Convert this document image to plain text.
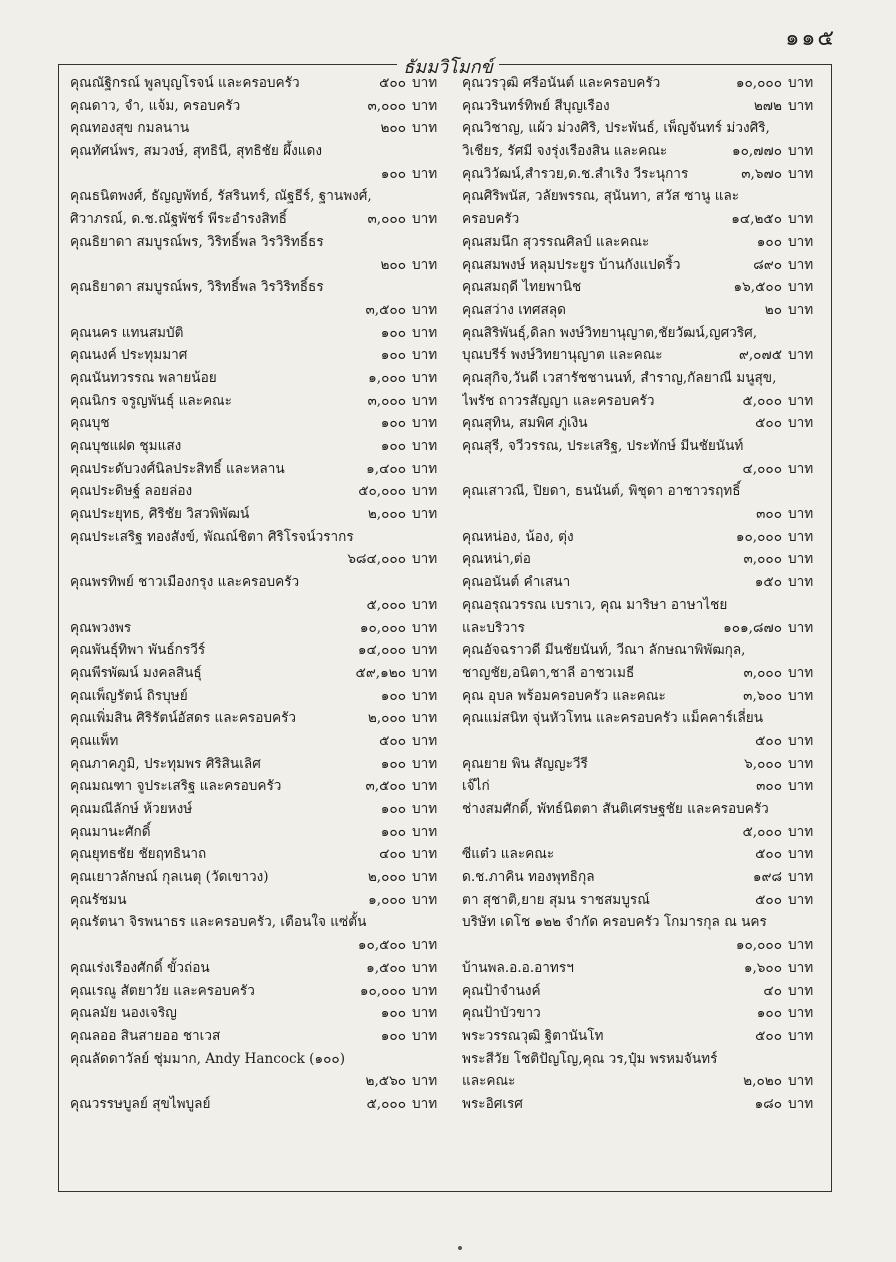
๑๑๕
ธัมมวิโมกข์
คุณณัฐิกรณ์ พูลบุญโรจน์ และครอบครัว	๕๐๐ บาท
คุณดาว, จำ, แจ้ม, ครอบครัว	๓,๐๐๐ บาท
คุณทองสุข กมลนาน	๒๐๐ บาท
คุณทัศน์พร, สมวงษ์, สุทธินี, สุทธิชัย ผึ้งแดง
๑๐๐ บาท
คุณธนิตพงศ์, ธัญญพัทธ์, รัสรินทร์, ณัฐธีร์, ฐานพงศ์,
ศิวาภรณ์, ด.ช.ณัฐพัชร์ พีระอำรงสิทธิ์	๓,๐๐๐ บาท
คุณธิยาดา สมบูรณ์พร, วิริทธิ์พล วิรวิริทธิ์ธร
๒๐๐ บาท
คุณธิยาดา สมบูรณ์พร, วิริทธิ์พล วิรวิริทธิ์ธร
๓,๕๐๐ บาท
คุณนคร แทนสมบัติ	๑๐๐ บาท
คุณนงค์ ประทุมมาศ	๑๐๐ บาท
คุณนันทวรรณ พลายน้อย	๑,๐๐๐ บาท
คุณนิกร จรูญพันธุ์ และคณะ	๓,๐๐๐ บาท
คุณบุช	๑๐๐ บาท
คุณบุชแฝด ชุมแสง	๑๐๐ บาท
คุณประดับวงศ์นิลประสิทธิ์ และหลาน	๑,๔๐๐ บาท
คุณประดิษฐ์ ลอยล่อง	๕๐,๐๐๐ บาท
คุณประยุทธ, ศิริชัย วิสวพิพัฒน์	๒,๐๐๐ บาท
คุณประเสริฐ ทองสังข์, พัณณ์ชิตา ศิริโรจน์วรากร
๖๘๔,๐๐๐ บาท
คุณพรทิพย์ ชาวเมืองกรุง และครอบครัว
๕,๐๐๐ บาท
คุณพวงพร	๑๐,๐๐๐ บาท
คุณพันธุ์ทิพา พันธ์กรวีร์	๑๔,๐๐๐ บาท
คุณพีรพัฒน์ มงคลสินธุ์	๕๙,๑๒๐ บาท
คุณเพ็ญรัตน์ ถิรบุษย์	๑๐๐ บาท
คุณเพิ่มสิน ศิริรัตน์อัสดร และครอบครัว	๒,๐๐๐ บาท
คุณแพ็ท	๕๐๐ บาท
คุณภาคภูมิ, ประทุมพร ศิริสินเลิศ	๑๐๐ บาท
คุณมณฑา จูประเสริฐ และครอบครัว	๓,๕๐๐ บาท
คุณมณีลักษ์ ห้วยหงษ์	๑๐๐ บาท
คุณมานะศักดิ์	๑๐๐ บาท
คุณยุทธชัย ชัยฤทธินาถ	๔๐๐ บาท
คุณเยาวลักษณ์ กุลเนตุ (วัดเขาวง)	๒,๐๐๐ บาท
คุณรัชมน	๑,๐๐๐ บาท
คุณรัตนา จิรพนาธร และครอบครัว, เตือนใจ แซ่ตั้น
๑๐,๕๐๐ บาท
คุณเร่งเรืองศักดิ์ ขั้วถ่อน	๑,๕๐๐ บาท
คุณเรณู สัตยาวัย และครอบครัว	๑๐,๐๐๐ บาท
คุณลมัย นองเจริญ	๑๐๐ บาท
คุณลออ สินสายออ ชาเวส	๑๐๐ บาท
คุณลัดดาวัลย์ ชุ่มมาก, Andy Hancock (๑๐๐)
๒,๕๖๐ บาท
คุณวรรษบูลย์ สุขไพบูลย์	๕,๐๐๐ บาท
คุณวรวุฒิ ศรีอนันต์ และครอบครัว	๑๐,๐๐๐ บาท
คุณวรินทร์ทิพย์ สีบุญเรือง	๒๗๒ บาท
คุณวิชาญ, แผ้ว ม่วงศิริ, ประพันธ์, เพ็ญจันทร์ ม่วงศิริ,
วิเชียร, รัศมี จงรุ่งเรืองสิน และคณะ	๑๐,๗๗๐ บาท
คุณวิวัฒน์,สำรวย,ด.ช.สำเริง วีระนุการ	๓,๖๗๐ บาท
คุณศิริพนัส, วลัยพรรณ, สุนันทา, สวัส ซานู และ
ครอบครัว	๑๔,๒๕๐ บาท
คุณสมนึก สุวรรณศิลป์ และคณะ	๑๐๐ บาท
คุณสมพงษ์ หลุมประยูร บ้านกังแปดริ้ว	๘๙๐ บาท
คุณสมฤดี ไทยพานิช	๑๖,๕๐๐ บาท
คุณสว่าง เทศสลุด	๒๐ บาท
คุณสิริพันธุ์,ดิลก พงษ์วิทยานุญาต,ชัยวัฒน์,ญศวริศ,
บุณบรีร์ พงษ์วิทยานุญาต และคณะ	๙,๐๗๕ บาท
คุณสุกิจ,วันดี เวสารัชชานนท์, สำราญ,กัลยาณี มนูสุข,
ไพรัช ถาวรสัญญา และครอบครัว	๕,๐๐๐ บาท
คุณสุทิน, สมพิศ ภู่เงิน	๕๐๐ บาท
คุณสุรี, จวีวรรณ, ประเสริฐ, ประทักษ์ มีนชัยนันท์
๔,๐๐๐ บาท
คุณเสาวณี, ปิยดา, ธนนันต์, พิชุดา อาชาวรฤทธิ์
๓๐๐ บาท
คุณหน่อง, น้อง, ตุ่ง	๑๐,๐๐๐ บาท
คุณหน่า,ต่อ	๓,๐๐๐ บาท
คุณอนันต์ คำเสนา	๑๕๐ บาท
คุณอรุณวรรณ เบราเว, คุณ มาริษา อาษาไชย
และบริวาร	๑๐๑,๘๗๐ บาท
คุณอัจฉราวดี มีนชัยนันท์, วีณา ลักษณาพิพัฒกุล,
ชาญชัย,อนิตา,ชาลี อาชวเมธี	๓,๐๐๐ บาท
คุณ อุบล พร้อมครอบครัว และคณะ	๓,๖๐๐ บาท
คุณแม่สนิท จุ่นหัวโทน และครอบครัว แม็คคาร์เลี่ยน
๕๐๐ บาท
คุณยาย พิน สัญญะวีรี	๖,๐๐๐ บาท
เจ๊ไก่	๓๐๐ บาท
ช่างสมศักดิ์, พัทธ์นิตตา สันติเศรษฐชัย และครอบครัว
๕,๐๐๐ บาท
ซีแต๋ว และคณะ	๕๐๐ บาท
ด.ช.ภาคิน ทองพุทธิกุล	๑๙๘ บาท
ตา สุชาติ,ยาย สุมน ราชสมบูรณ์	๕๐๐ บาท
บริษัท เดโช ๑๒๒ จำกัด ครอบครัว โกมารกุล ณ นคร
๑๐,๐๐๐ บาท
บ้านพล.อ.อ.อาทรฯ	๑,๖๐๐ บาท
คุณป้าจำนงค์	๔๐ บาท
คุณป้าบัวขาว	๑๐๐ บาท
พระวรรณวุฒิ ฐิตานันโท	๕๐๐ บาท
พระสีวัย โชติปัญโญ,คุณ วร,ปุ๋ม พรหมจันทร์
และคณะ	๒,๐๒๐ บาท
พระอิศเรศ	๑๘๐ บาท
